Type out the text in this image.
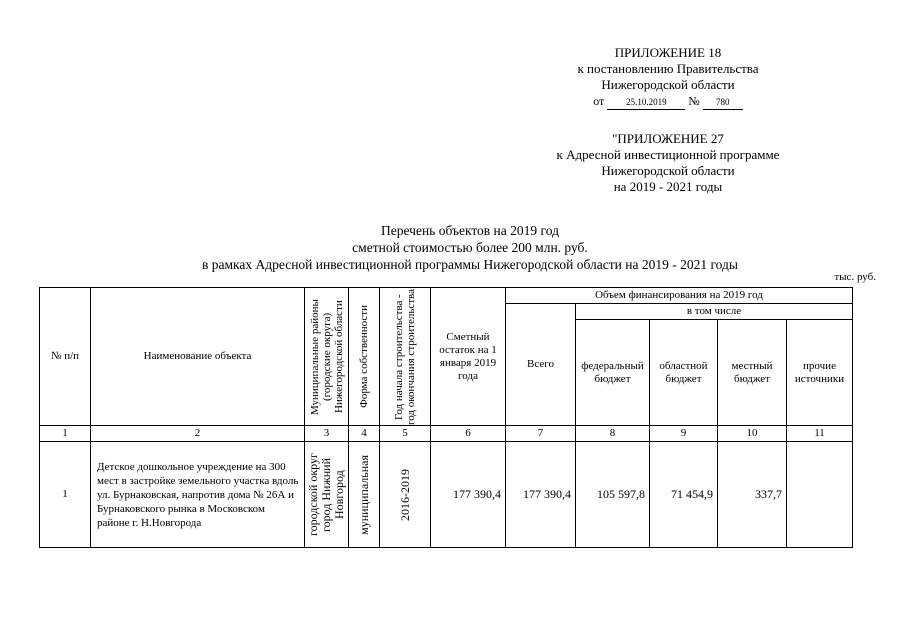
ПРИЛОЖЕНИЕ 18
к постановлению Правительства
Нижегородской области
от 25.10.2019 № 780
"ПРИЛОЖЕНИЕ 27
к Адресной инвестиционной программе
Нижегородской области
на 2019 - 2021 годы
Перечень объектов на 2019 год
сметной стоимостью более 200 млн. руб.
в рамках Адресной инвестиционной программы Нижегородской области на 2019 - 2021 годы
тыс. руб.
№ п/п	Наименование объекта	Муниципальные районы (городские округа) Нижегородской области	Форма собственности	Год начала строительства - год окончания строительства	Сметный остаток на 1 января 2019 года	Объем финансирования на 2019 год				
						Всего	в том числе			
							федеральный бюджет	областной бюджет	местный бюджет	прочие источники
1	2	3	4	5	6	7	8	9	10	11
1	Детское дошкольное учреждение на 300 мест в застройке земельного участка вдоль ул. Бурнаковская, напротив дома № 26А и Бурнаковского рынка в Московском районе г. Н.Новгорода	городской округ город Нижний Новгород	муниципальная	2016-2019	177 390,4	177 390,4	105 597,8	71 454,9	337,7	
